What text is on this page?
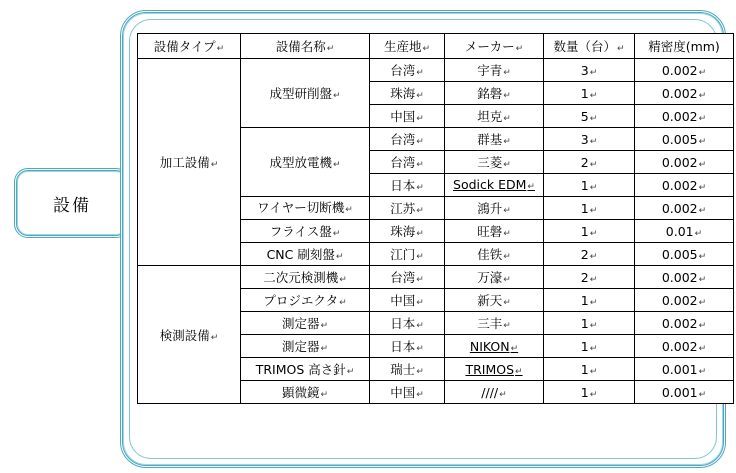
設備
設備タイプ ↵	設備名称 ↵	生産地 ↵	メーカー ↵	数量（台） ↵	精密度(mm)
加工設備 ↵	成型研削盤 ↵	台湾 ↵	宇青 ↵	3 ↵	0.002 ↵
		珠海 ↵	銘磐 ↵	1 ↵	0.002 ↵
		中国 ↵	坦克 ↵	5 ↵	0.002 ↵
	成型放電機 ↵	台湾 ↵	群基 ↵	3 ↵	0.005 ↵
		台湾 ↵	三菱 ↵	2 ↵	0.002 ↵
		日本 ↵	Sodick EDM ↵	1 ↵	0.002 ↵
	ワイヤー切断機 ↵	江苏 ↵	鴻升 ↵	1 ↵	0.002 ↵
	フライス盤 ↵	珠海 ↵	旺磐 ↵	1 ↵	0.01 ↵
	CNC 刷刻盤 ↵	江门 ↵	佳铁 ↵	2 ↵	0.005 ↵
検測設備 ↵	二次元検測機 ↵	台湾 ↵	万濠 ↵	2 ↵	0.002 ↵
	プロジエクタ ↵	中国 ↵	新天 ↵	1 ↵	0.002 ↵
	測定器 ↵	日本 ↵	三丰 ↵	1 ↵	0.002 ↵
	測定器 ↵	日本 ↵	NIKON ↵	1 ↵	0.002 ↵
	TRIMOS 高さ針 ↵	瑞士 ↵	TRIMOS ↵	1 ↵	0.001 ↵
	顕微鏡 ↵	中国 ↵	//// ↵	1 ↵	0.001 ↵
